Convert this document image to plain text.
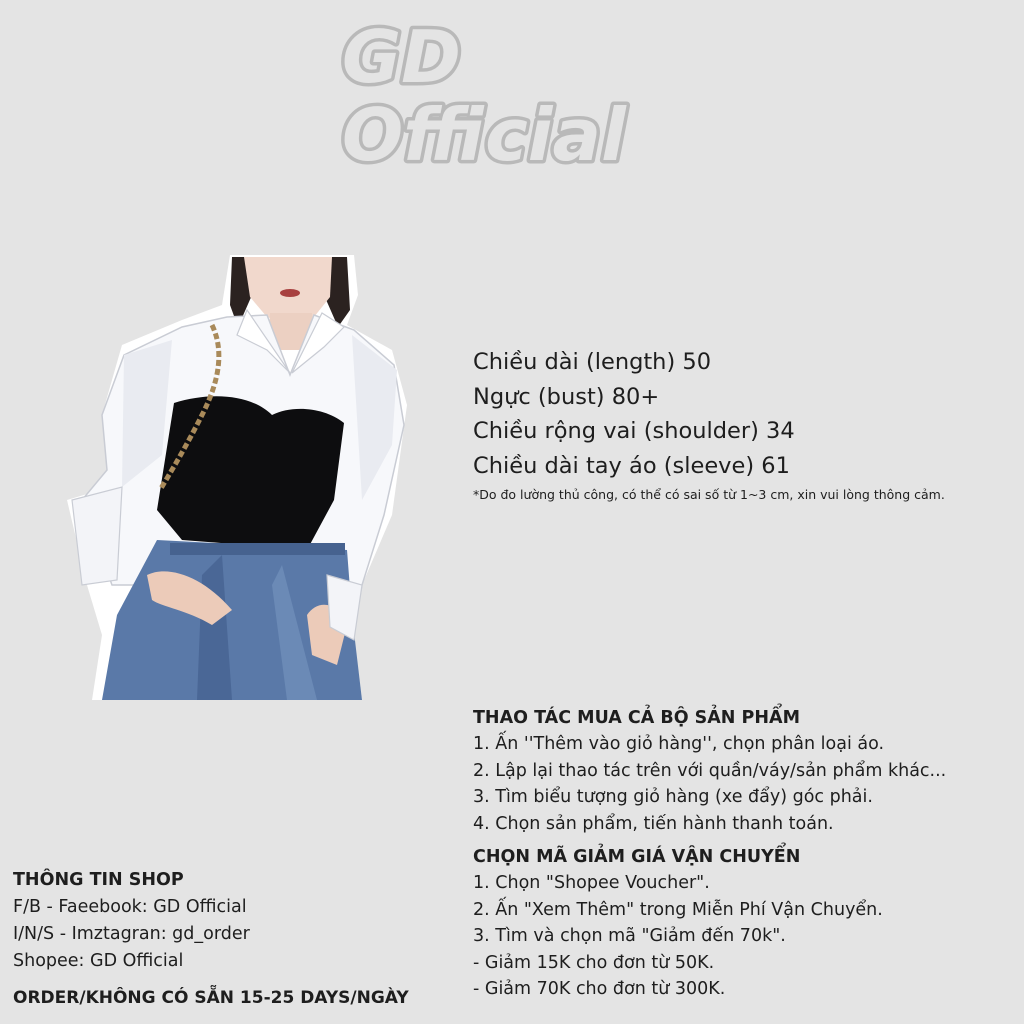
GD
Official
Chiều dài (length) 50
Ngực (bust) 80+
Chiều rộng vai (shoulder) 34
Chiều dài tay áo (sleeve) 61
*Do đo lường thủ công, có thể có sai số từ 1~3 cm, xin vui lòng thông cảm.
THAO TÁC MUA CẢ BỘ SẢN PHẨM
1. Ấn ''Thêm vào giỏ hàng'', chọn phân loại áo.
2. Lập lại thao tác trên với quần/váy/sản phẩm khác...
3. Tìm biểu tượng giỏ hàng (xe đẩy) góc phải.
4. Chọn sản phẩm, tiến hành thanh toán.
CHỌN MÃ GIẢM GIÁ VẬN CHUYỂN
1. Chọn "Shopee Voucher".
2. Ấn "Xem Thêm" trong Miễn Phí Vận Chuyển.
3. Tìm và chọn mã "Giảm đến 70k".
- Giảm 15K cho đơn từ 50K.
- Giảm 70K cho đơn từ 300K.
THÔNG TIN SHOP
F/B - Faeebook: GD Official
I/N/S - Imztagran: gd_order
Shopee: GD Official
ORDER/KHÔNG CÓ SẴN 15-25 DAYS/NGÀY
